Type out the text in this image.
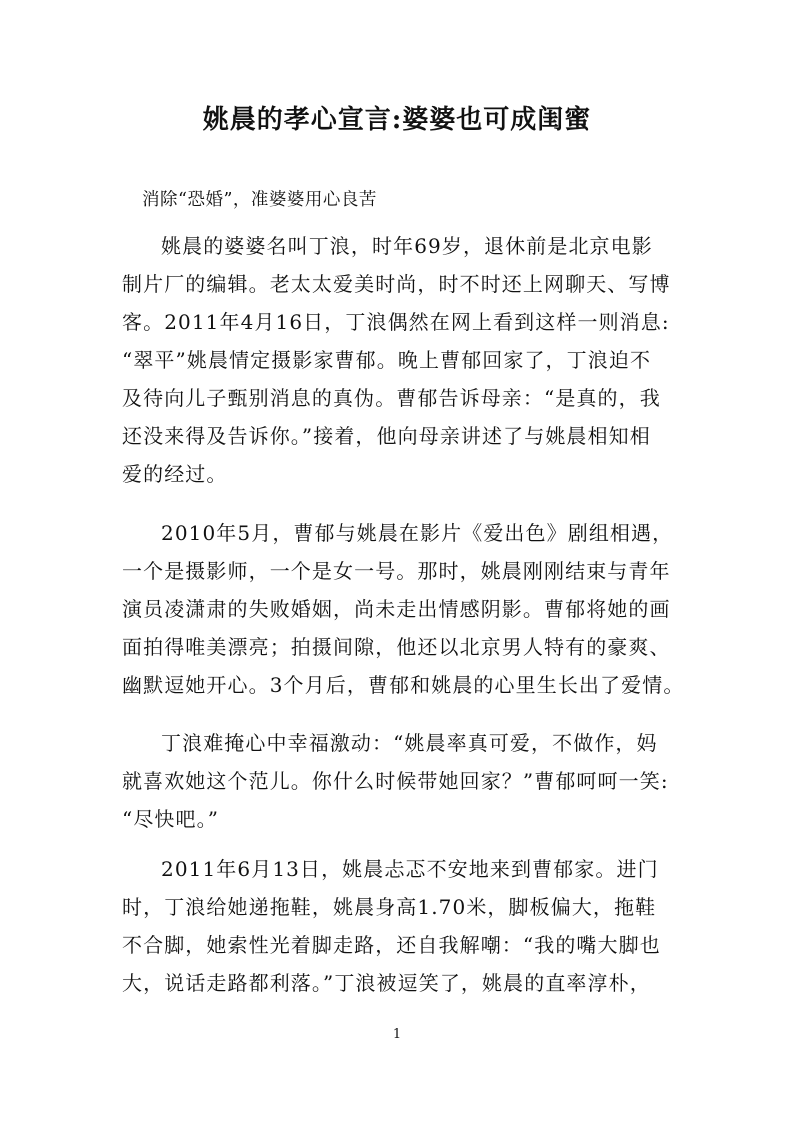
姚晨的孝心宣言:婆婆也可成闺蜜
消除“恐婚”，准婆婆用心良苦
姚晨的婆婆名叫丁浪，时年69岁，退休前是北京电影
制片厂的编辑。老太太爱美时尚，时不时还上网聊天、写博
客。2011年4月16日，丁浪偶然在网上看到这样一则消息:
“翠平”姚晨情定摄影家曹郁。晚上曹郁回家了，丁浪迫不
及待向儿子甄别消息的真伪。曹郁告诉母亲：“是真的，我
还没来得及告诉你。”接着，他向母亲讲述了与姚晨相知相
爱的经过。
2010年5月，曹郁与姚晨在影片《爱出色》剧组相遇，
一个是摄影师，一个是女一号。那时，姚晨刚刚结束与青年
演员凌潇肃的失败婚姻，尚未走出情感阴影。曹郁将她的画
面拍得唯美漂亮；拍摄间隙，他还以北京男人特有的豪爽、
幽默逗她开心。3个月后，曹郁和姚晨的心里生长出了爱情。
丁浪难掩心中幸福激动：“姚晨率真可爱，不做作，妈
就喜欢她这个范儿。你什么时候带她回家？”曹郁呵呵一笑:
“尽快吧。”
2011年6月13日，姚晨忐忑不安地来到曹郁家。进门
时，丁浪给她递拖鞋，姚晨身高1.70米，脚板偏大，拖鞋
不合脚，她索性光着脚走路，还自我解嘲：“我的嘴大脚也
大，说话走路都利落。”丁浪被逗笑了，姚晨的直率淳朴，
1
